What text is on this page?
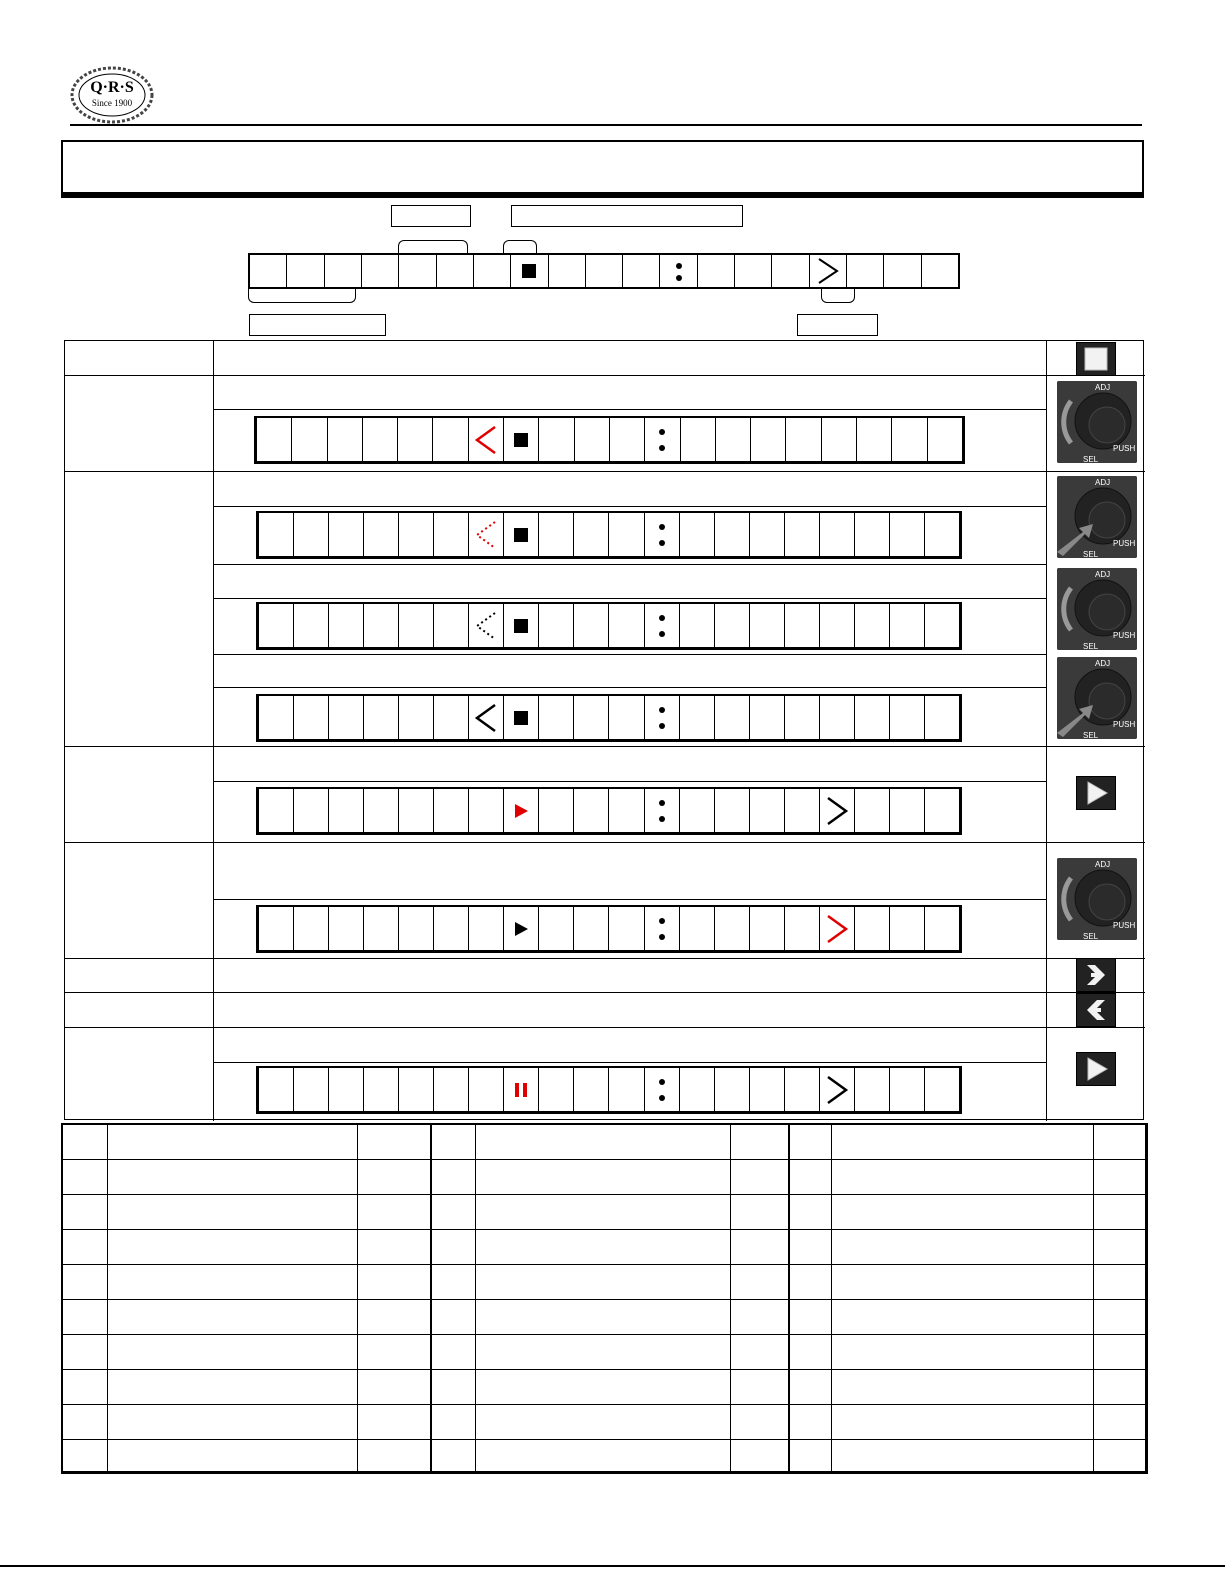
Q·R·S
Since 1900
ADJ
PUSH
SEL
ADJ
PUSH
SEL
ADJ
PUSH
SEL
ADJ
PUSH
SEL
ADJ
PUSH
SEL
